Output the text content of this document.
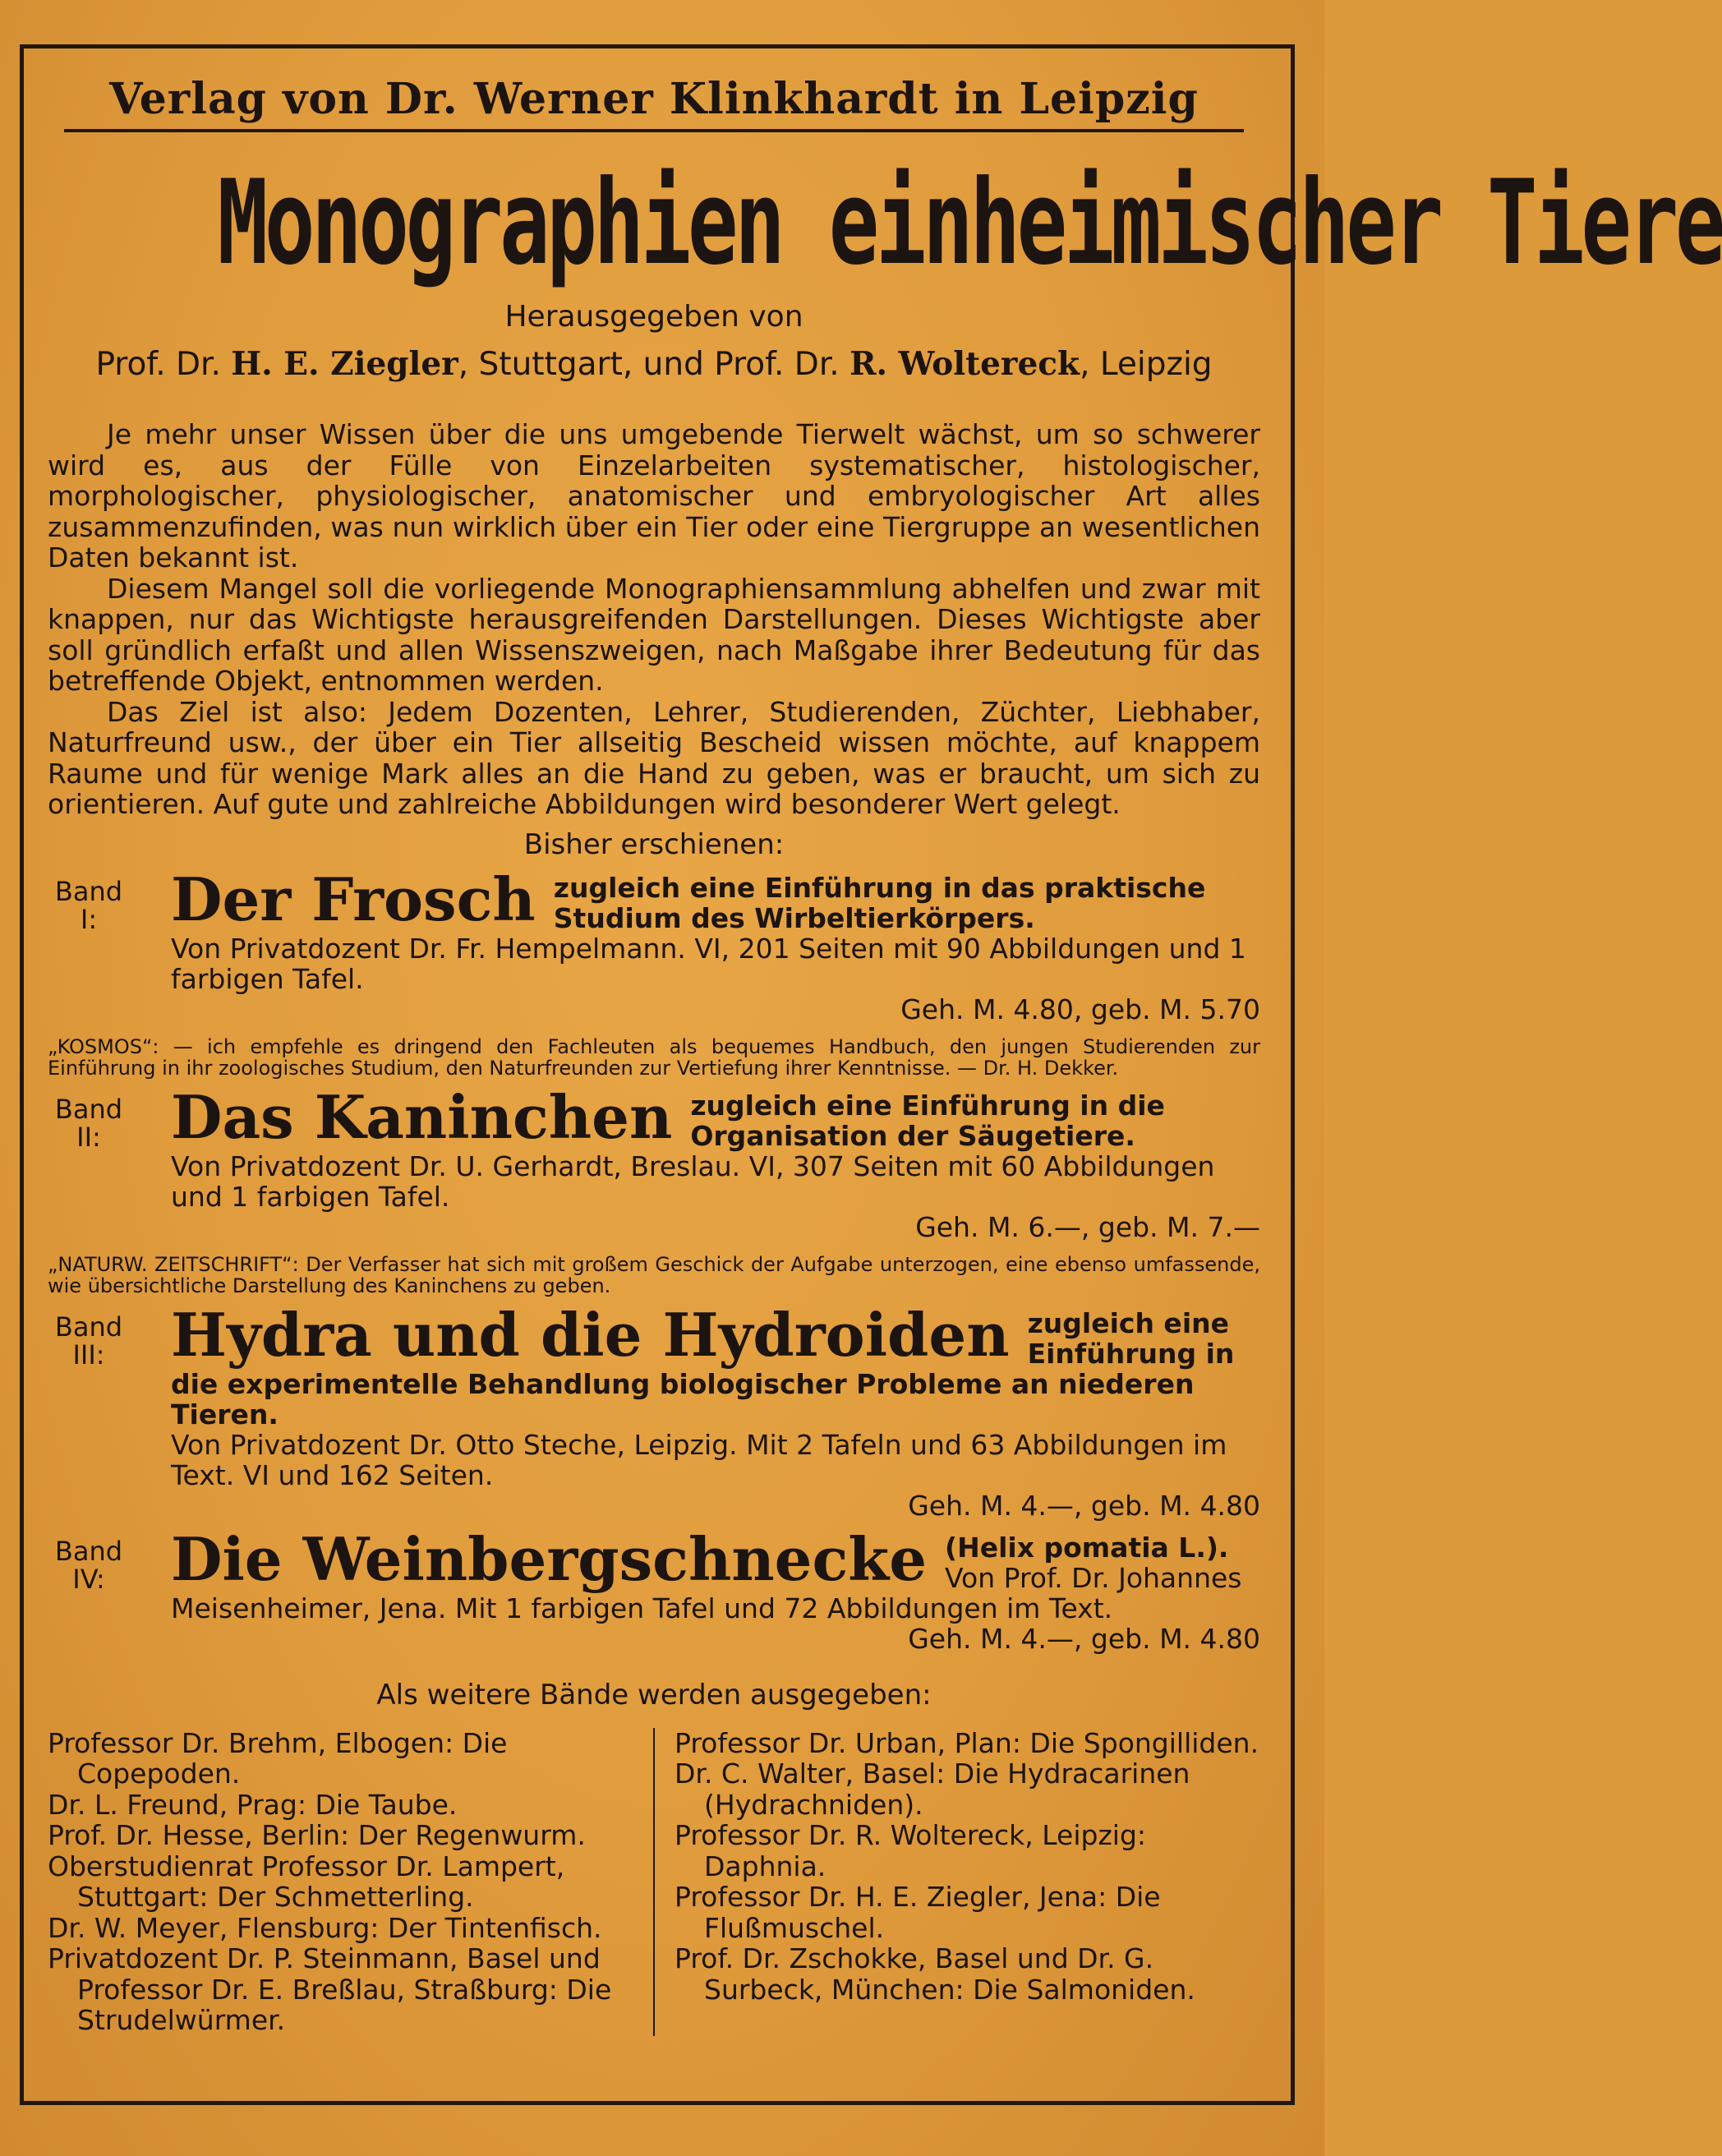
Verlag von Dr. Werner Klinkhardt in Leipzig
Monographien einheimischer Tiere
Herausgegeben von
Prof. Dr. H. E. Ziegler, Stuttgart, und Prof. Dr. R. Woltereck, Leipzig

Je mehr unser Wissen über die uns umgebende Tierwelt wächst, um so schwerer wird es, aus der Fülle von Einzelarbeiten systematischer, histologischer, morphologischer, physiologischer, anatomischer und embryologischer Art alles zusammenzufinden, was nun wirklich über ein Tier oder eine Tiergruppe an wesentlichen Daten bekannt ist.

Diesem Mangel soll die vorliegende Monographiensammlung abhelfen und zwar mit knappen, nur das Wichtigste herausgreifenden Darstellungen. Dieses Wichtigste aber soll gründlich erfaßt und allen Wissenszweigen, nach Maßgabe ihrer Bedeutung für das betreffende Objekt, entnommen werden.

Das Ziel ist also: Jedem Dozenten, Lehrer, Studierenden, Züchter, Liebhaber, Naturfreund usw., der über ein Tier allseitig Bescheid wissen möchte, auf knappem Raume und für wenige Mark alles an die Hand zu geben, was er braucht, um sich zu orientieren. Auf gute und zahlreiche Abbildungen wird besonderer Wert gelegt.

Bisher erschienen:
Band I:	Der Frosch zugleich eine Einführung in das praktische Studium des Wirbeltierkörpers.
Von Privatdozent Dr. Fr. Hempelmann. VI, 201 Seiten mit 90 Abbildungen und 1 farbigen Tafel.
Geh. M. 4.80, geb. M. 5.70
„KOSMOS“: — ich empfehle es dringend den Fachleuten als bequemes Handbuch, den jungen Studierenden zur Einführung in ihr zoologisches Studium, den Naturfreunden zur Vertiefung ihrer Kenntnisse. — Dr. H. Dekker.
Band II:	Das Kaninchen zugleich eine Einführung in die Organisation der Säugetiere.
Von Privatdozent Dr. U. Gerhardt, Breslau. VI, 307 Seiten mit 60 Abbildungen und 1 farbigen Tafel.
Geh. M. 6.—, geb. M. 7.—
„NATURW. ZEITSCHRIFT“: Der Verfasser hat sich mit großem Geschick der Aufgabe unterzogen, eine ebenso umfassende, wie übersichtliche Darstellung des Kaninchens zu geben.
Band III:	Hydra und die Hydroiden zugleich eine Einführung in die experimentelle Behandlung biologischer Probleme an niederen Tieren.
Von Privatdozent Dr. Otto Steche, Leipzig. Mit 2 Tafeln und 63 Abbildungen im Text. VI und 162 Seiten.
Geh. M. 4.—, geb. M. 4.80
Band IV:	Die Weinbergschnecke (Helix pomatia L.).
Von Prof. Dr. Johannes Meisenheimer, Jena. Mit 1 farbigen Tafel und 72 Abbildungen im Text.
Geh. M. 4.—, geb. M. 4.80
Als weitere Bände werden ausgegeben:
Professor Dr. Brehm, Elbogen: Die Copepoden.
Dr. L. Freund, Prag: Die Taube.
Prof. Dr. Hesse, Berlin: Der Regenwurm.
Oberstudienrat Professor Dr. Lampert, Stuttgart: Der Schmetterling.
Dr. W. Meyer, Flensburg: Der Tintenfisch.
Privatdozent Dr. P. Steinmann, Basel und Professor Dr. E. Breßlau, Straßburg: Die Strudelwürmer.
Professor Dr. Urban, Plan: Die Spongilliden.
Dr. C. Walter, Basel: Die Hydracarinen (Hydrachniden).
Professor Dr. R. Woltereck, Leipzig: Daphnia.
Professor Dr. H. E. Ziegler, Jena: Die Flußmuschel.
Prof. Dr. Zschokke, Basel und Dr. G. Surbeck, München: Die Salmoniden.
